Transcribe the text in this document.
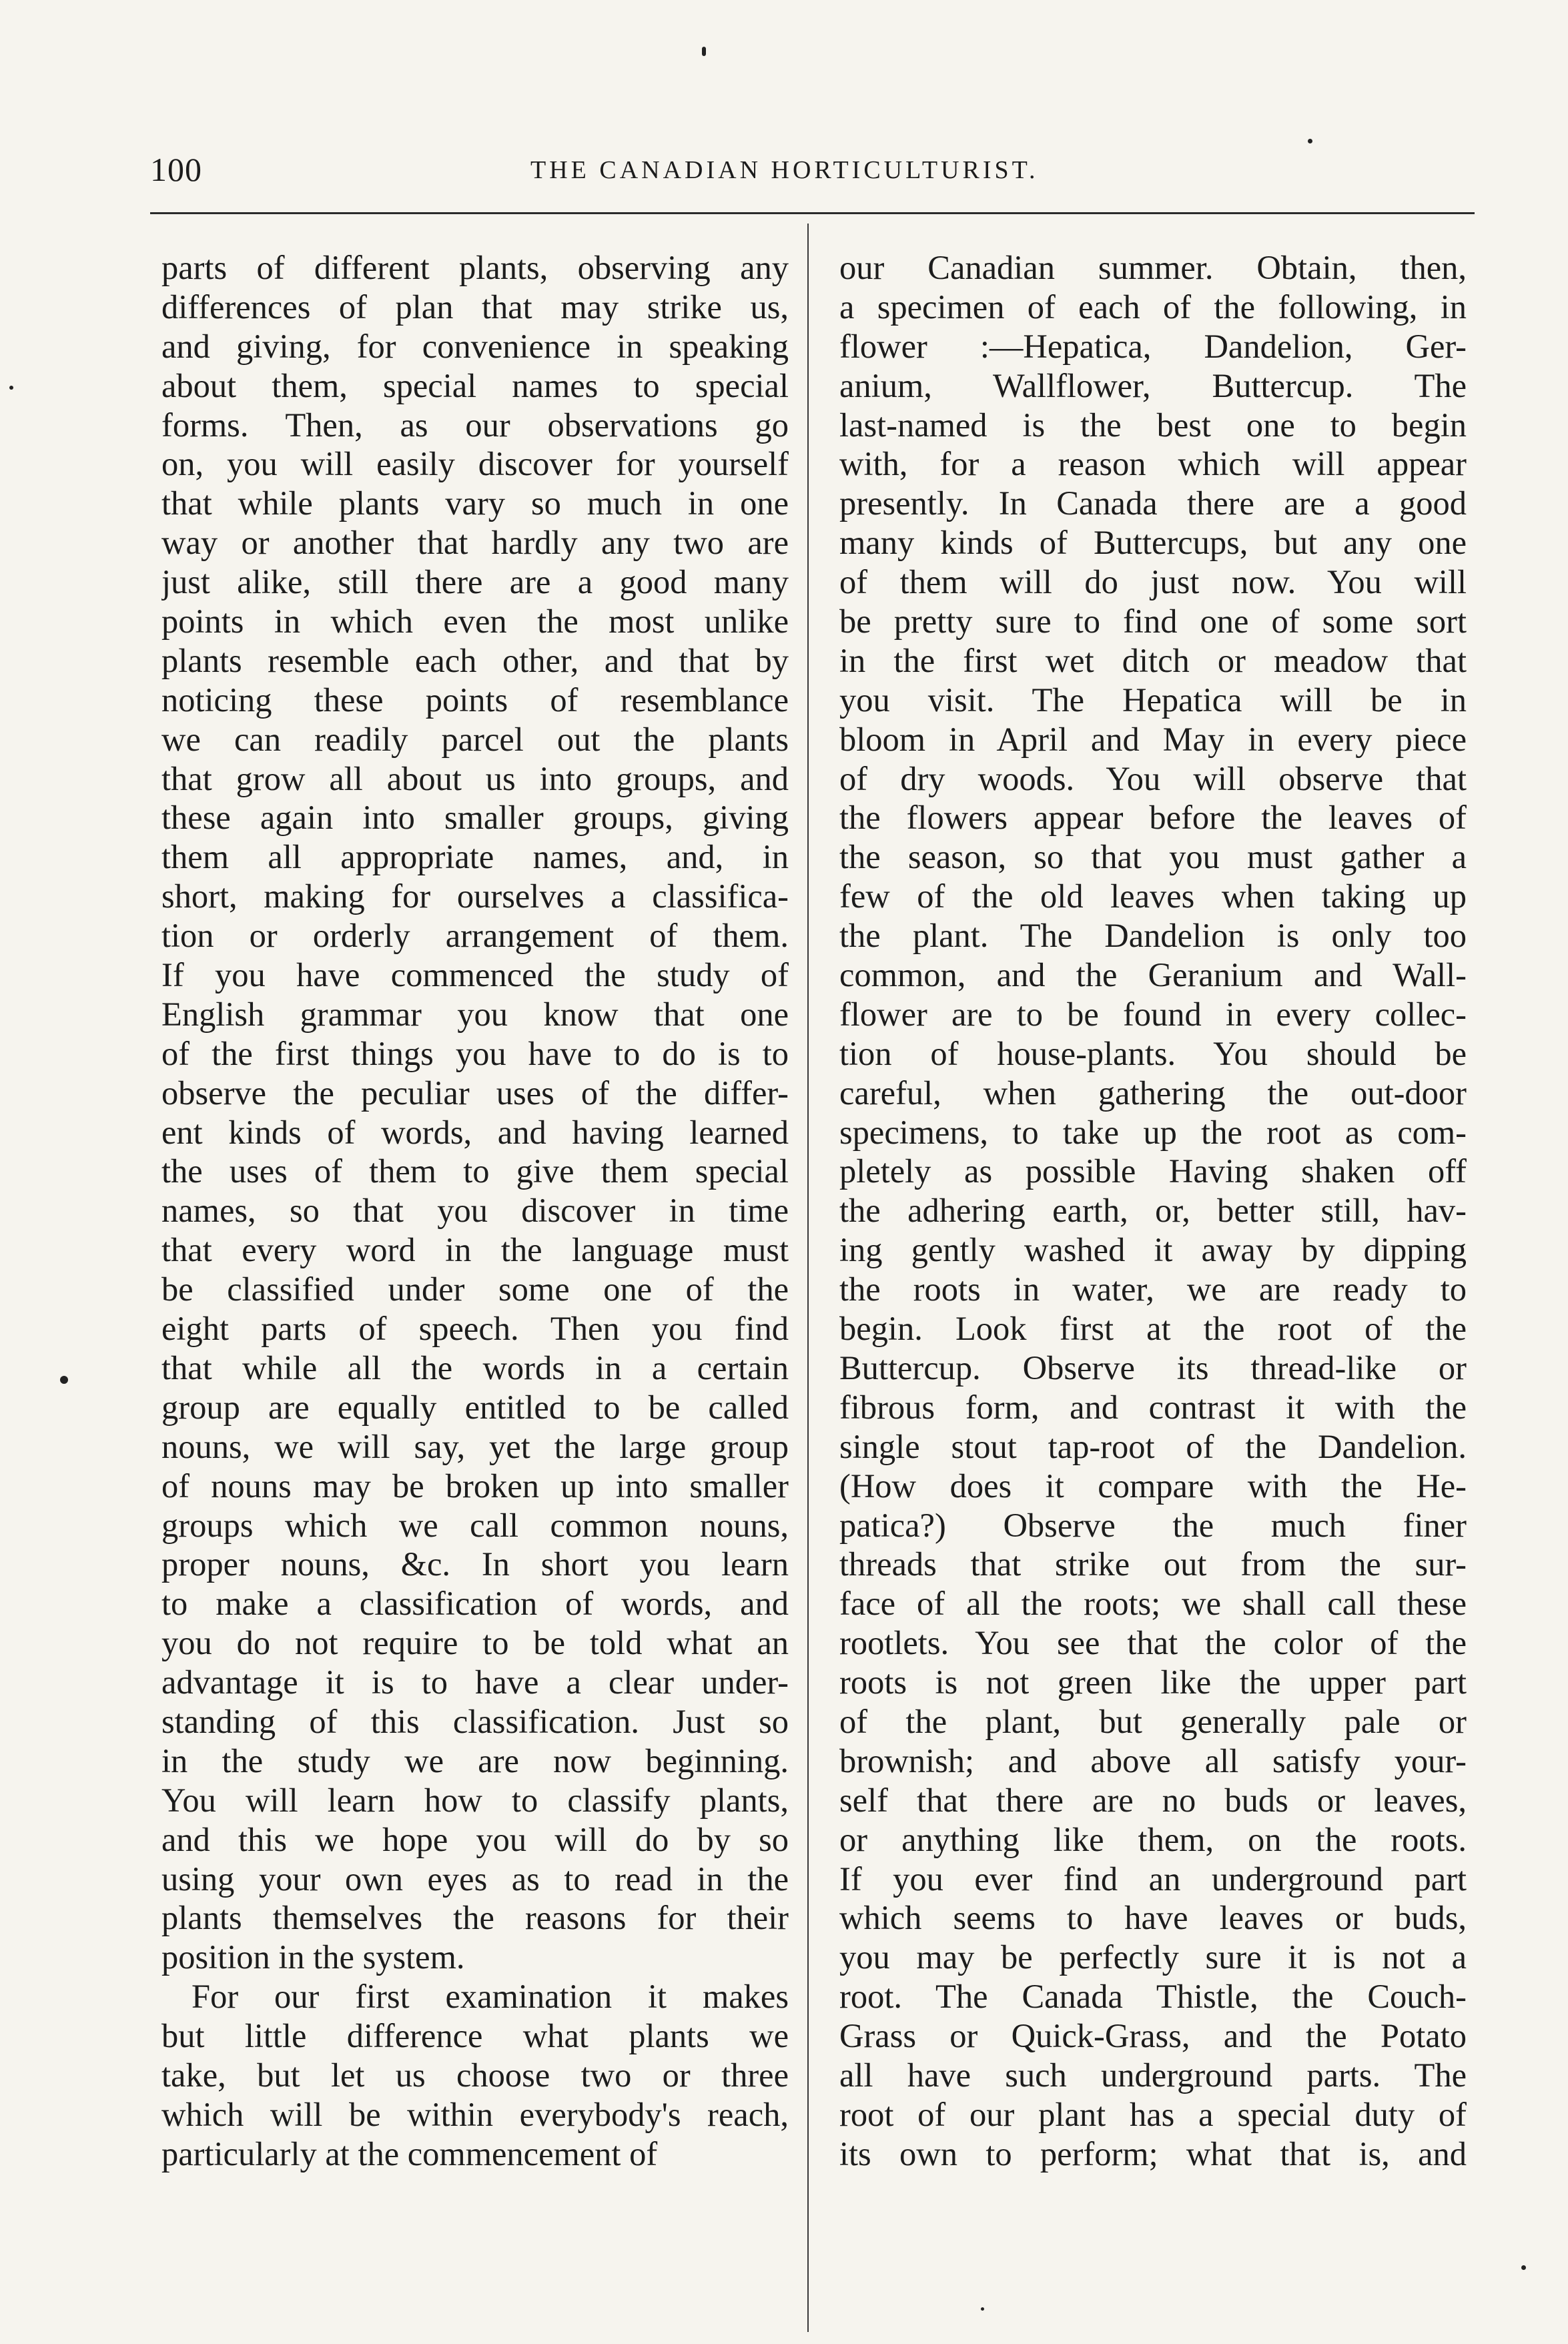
100	THE CANADIAN HORTICULTURIST.
parts of different plants, observing any
differences of plan that may strike us,
and giving, for convenience in speaking
about them, special names to special
forms. Then, as our observations go
on, you will easily discover for yourself
that while plants vary so much in one
way or another that hardly any two are
just alike, still there are a good many
points in which even the most unlike
plants resemble each other, and that by
noticing these points of resemblance
we can readily parcel out the plants
that grow all about us into groups, and
these again into smaller groups, giving
them all appropriate names, and, in
short, making for ourselves a classifica-
tion or orderly arrangement of them.
If you have commenced the study of
English grammar you know that one
of the first things you have to do is to
observe the peculiar uses of the differ-
ent kinds of words, and having learned
the uses of them to give them special
names, so that you discover in time
that every word in the language must
be classified under some one of the
eight parts of speech. Then you find
that while all the words in a certain
group are equally entitled to be called
nouns, we will say, yet the large group
of nouns may be broken up into smaller
groups which we call common nouns,
proper nouns, &c. In short you learn
to make a classification of words, and
you do not require to be told what an
advantage it is to have a clear under-
standing of this classification. Just so
in the study we are now beginning.
You will learn how to classify plants,
and this we hope you will do by so
using your own eyes as to read in the
plants themselves the reasons for their
position in the system.
For our first examination it makes
but little difference what plants we
take, but let us choose two or three
which will be within everybody's reach,
particularly at the commencement of
our Canadian summer. Obtain, then,
a specimen of each of the following, in
flower :—Hepatica, Dandelion, Ger-
anium, Wallflower, Buttercup. The
last-named is the best one to begin
with, for a reason which will appear
presently. In Canada there are a good
many kinds of Buttercups, but any one
of them will do just now. You will
be pretty sure to find one of some sort
in the first wet ditch or meadow that
you visit. The Hepatica will be in
bloom in April and May in every piece
of dry woods. You will observe that
the flowers appear before the leaves of
the season, so that you must gather a
few of the old leaves when taking up
the plant. The Dandelion is only too
common, and the Geranium and Wall-
flower are to be found in every collec-
tion of house-plants. You should be
careful, when gathering the out-door
specimens, to take up the root as com-
pletely as possible Having shaken off
the adhering earth, or, better still, hav-
ing gently washed it away by dipping
the roots in water, we are ready to
begin. Look first at the root of the
Buttercup. Observe its thread-like or
fibrous form, and contrast it with the
single stout tap-root of the Dandelion.
(How does it compare with the He-
patica?) Observe the much finer
threads that strike out from the sur-
face of all the roots; we shall call these
rootlets. You see that the color of the
roots is not green like the upper part
of the plant, but generally pale or
brownish; and above all satisfy your-
self that there are no buds or leaves,
or anything like them, on the roots.
If you ever find an underground part
which seems to have leaves or buds,
you may be perfectly sure it is not a
root. The Canada Thistle, the Couch-
Grass or Quick-Grass, and the Potato
all have such underground parts. The
root of our plant has a special duty of
its own to perform; what that is, and
